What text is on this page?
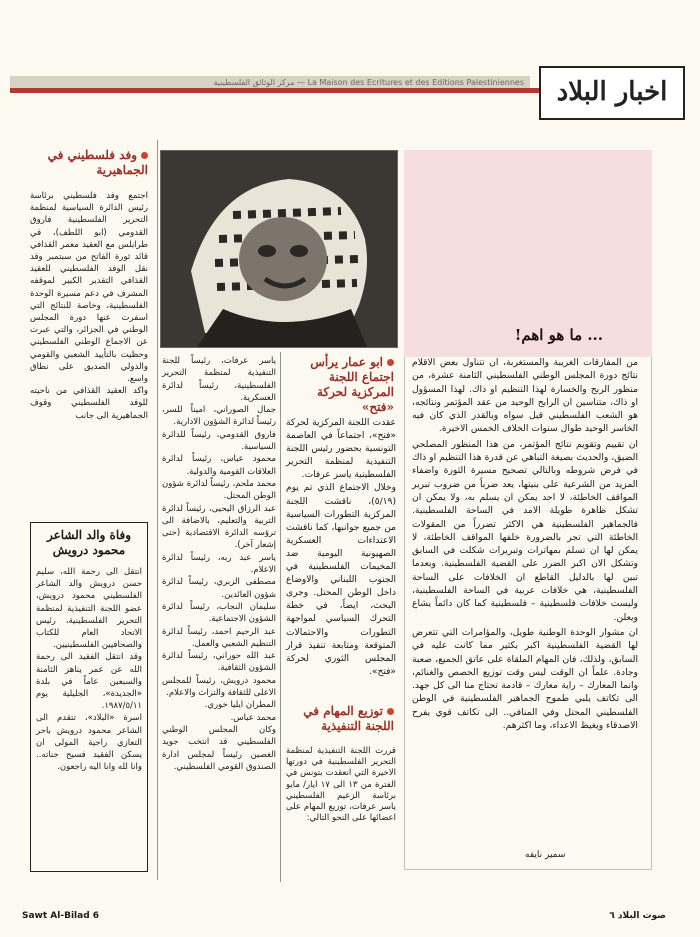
La Maison des Ecritures et des Editions Palestiniennes — مركز الوثائق الفلسطينية	اخبار البلاد
... ما هو اهم!

من المفارقات الغريبة والمستغربة، ان تتناول بعض الاقلام نتائج دورة المجلس الوطني الفلسطيني الثامنة عشرة، من منظور الربح والخسارة لهذا التنظيم او ذاك. لهذا المسؤول او ذاك، متناسين ان الرابح الوحيد من عقد المؤتمر ونتائجه، هو الشعب الفلسطيني قبل سواه وبالقدر الذي كان فيه الخاسر الوحيد طوال سنوات الخلاف الخمس الاخيرة.

ان تقييم وتقويم نتائج المؤتمر، من هذا المنظور المصلحي الضيق، والحديث بصيغة التباهي عن قدرة هذا التنظيم او ذاك في فرض شروطه وبالتالي تصحيح مسيرة الثورة واضفاء المزيد من الشرعية على بنيتها، يعد ضرباً من ضروب تبرير المواقف الخاطئة، لا احد يمكن ان يسلم به، ولا يمكن ان تشكل ظاهرة طويلة الامد في الساحة الفلسطينية. فالجماهير الفلسطينية هي الاكثر تضرراً من المقولات الخاطئة التي تجر بالضرورة خلفها المواقف الخاطئة، لا يمكن لها ان تسلم بمهاترات وتبريرات شكلت في السابق وتشكل الان اكبر الضرر على القضية الفلسطينية. وبعدما تبين لها بالدليل القاطع ان الخلافات على الساحة الفلسطينية، هي خلافات عربية في الساحة الفلسطينية، وليست خلافات فلسطينية – فلسطينية كما كان دائماً يشاع ويعلن.

ان مشوار الوحدة الوطنية طويل، والمؤامرات التي تتعرض لها القضية الفلسطينية اكبر بكثير مما كانت عليه في السابق، ولذلك، فان المهام الملقاة على عاتق الجميع، صعبة وجادة. علماً ان الوقت ليس وقت توزيع الحصص والغنائم، وانما المعارك – راية معارك – قادمة تحتاج منا الى كل جهد. الى تكاتف يلبي طموح الجماهير الفلسطينية في الوطن الفلسطيني المحتل وفي المنافي.. الى تكاتف قوي يفرح الاصدقاء ويغيظ الاعداء، وما اكثرهم.

سمير نايفه
ابو عمار يرأس اجتماع اللجنة المركزية لحركة «فتح»
عقدت اللجنة المركزية لحركة «فتح»، اجتماعاً في العاصمة التونسية بحضور رئيس اللجنة التنفيذية لمنظمة التحرير الفلسطينية ياسر عرفات.
وخلال الاجتماع الذي تم يوم (٥/١٩)، ناقشت اللجنة المركزية التطورات السياسية من جميع جوانبها، كما ناقشت الاعتداءات العسكرية الصهيونية اليومية ضد المخيمات الفلسطينية في الجنوب اللبناني والاوضاع داخل الوطن المحتل. وجرى البحث، ايضاً، في خطة التحرك السياسي لمواجهة التطورات والاحتمالات المتوقعة ومتابعة تنفيذ قرار المجلس الثوري لحركة «فتح».
توزيع المهام في اللجنة التنفيذية
قررت اللجنة التنفيذية لمنظمة التحرير الفلسطينية في دورتها الاخيرة التي انعقدت بتونس في الفترة من ١٣ الى ١٧ ايار/ مايو برئاسة الزعيم الفلسطيني ياسر عرفات، توزيع المهام على اعضائها على النحو التالي:
ياسر عرفات، رئيساً للجنة التنفيذية لمنظمة التحرير الفلسطينية، رئيساً لدائرة العسكرية.
جمال الصوراني، اميناً للسر، رئيساً لدائرة الشؤون الادارية.
فاروق القدومي، رئيساً للدائرة السياسية.
محمود عباس، رئيساً لدائرة العلاقات القومية والدولية.
محمد ملحم، رئيساً لدائرة شؤون الوطن المحتل.
عبد الرزاق اليحيى، رئيساً لدائرة التربية والتعليم، بالاضافة الى ترؤسه الدائرة الاقتصادية (حتى إشعار آخر).
ياسر عبد ربه، رئيساً لدائرة الاعلام.
مصطفى الزبري، رئيساً لدائرة شؤون العائدين.
سليمان النجاب، رئيساً لدائرة الشؤون الاجتماعية.
عبد الرحيم احمد، رئيساً لدائرة التنظيم الشعبي والعمل.
عبد الله حوراني، رئيساً لدائرة الشؤون الثقافية.
محمود درويش، رئيساً للمجلس الاعلى للثقافة والتراث والاعلام.
المطران ايليا خوري.
محمد عباس.
وكان المجلس الوطني الفلسطيني قد انتخب جويد الغصين رئيساً لمجلس ادارة الصندوق القومي الفلسطيني.
وفد فلسطيني في الجماهيرية
اجتمع وفد فلسطيني برئاسة رئيس الدائرة السياسية لمنظمة التحرير الفلسطينية فاروق القدومي (ابو اللطف)، في طرابلس مع العقيد معمر القذافي قائد ثورة الفاتح من سبتمبر وقد نقل الوفد الفلسطيني للعقيد القذافي التقدير الكبير لموقفه المشرف في دعم مسيرة الوحدة الفلسطينية، وخاصة للنتائج التي اسفرت عنها دورة المجلس الوطني في الجزائر، والتي عبرت عن الاجماع الوطني الفلسطيني وحظيت بالتأييد الشعبي والقومي والدولي الصديق على نطاق واسع.
واكد العقيد القذافي من ناحيته للوفد الفلسطيني وقوف الجماهيرية الى جانب
وفاة والد الشاعر محمود درويش
انتقل الى رحمة الله، سليم حسن درويش والد الشاعر الفلسطيني محمود درويش، عضو اللجنة التنفيذية لمنظمة التحرير الفلسطينية، رئيس الاتحاد العام للكتاب والصحافيين الفلسطينيين.
وقد انتقل الفقيد الى رحمة الله عن عمر يناهز الثامنة والسبعين عاماً في بلدة «الجديدة»، الجليلية يوم ١٩٨٧/٥/١١.
اسرة «البلاد»، تتقدم الى الشاعر محمود درويش باحر التعازي راجية المولى ان يسكن الفقيد فسيح جناته.. وانا لله وانا اليه راجعون.
Sawt Al-Bilad 6	صوت البلاد ٦
